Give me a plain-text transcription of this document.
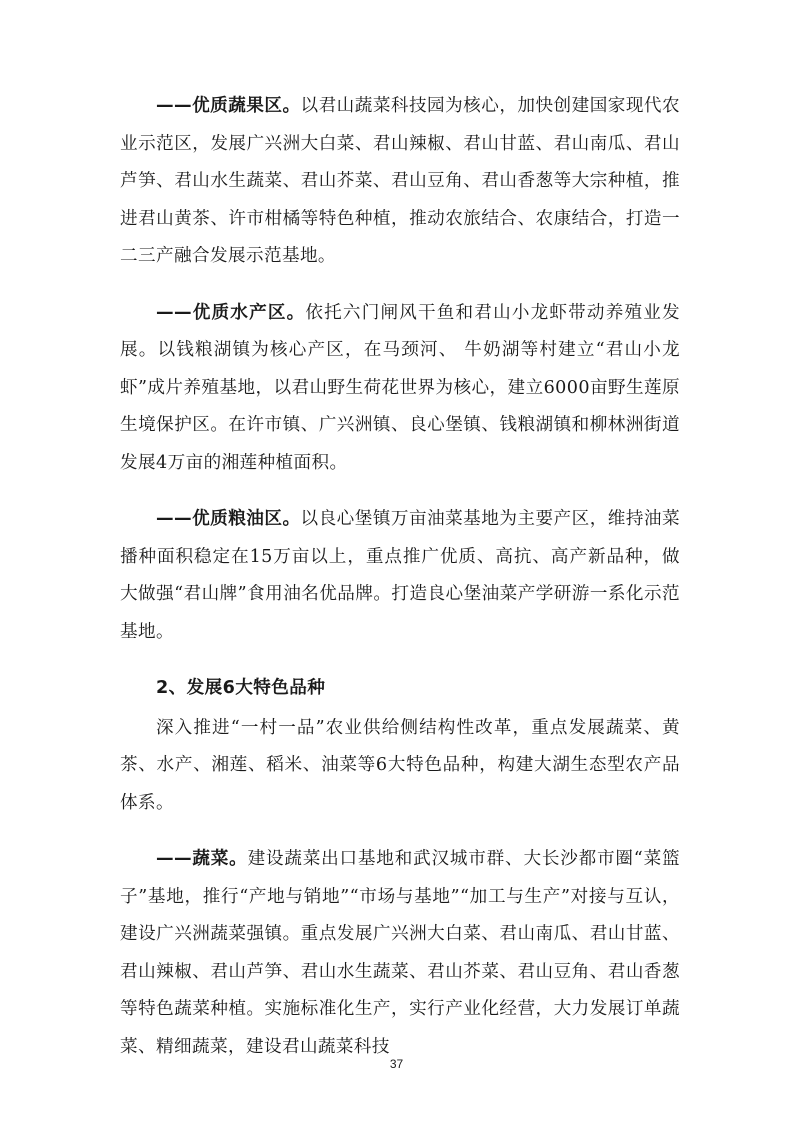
——优质蔬果区。以君山蔬菜科技园为核心，加快创建国家现代农业示范区，发展广兴洲大白菜、君山辣椒、君山甘蓝、君山南瓜、君山芦笋、君山水生蔬菜、君山芥菜、君山豆角、君山香葱等大宗种植，推进君山黄茶、许市柑橘等特色种植，推动农旅结合、农康结合，打造一二三产融合发展示范基地。

——优质水产区。依托六门闸风干鱼和君山小龙虾带动养殖业发展。以钱粮湖镇为核心产区，在马颈河、 牛奶湖等村建立“君山小龙虾”成片养殖基地，以君山野生荷花世界为核心，建立6000亩野生莲原生境保护区。在许市镇、广兴洲镇、良心堡镇、钱粮湖镇和柳林洲街道发展4万亩的湘莲种植面积。

——优质粮油区。以良心堡镇万亩油菜基地为主要产区，维持油菜播种面积稳定在15万亩以上，重点推广优质、高抗、高产新品种，做大做强“君山牌”食用油名优品牌。打造良心堡油菜产学研游一系化示范基地。

2、发展6大特色品种

深入推进“一村一品”农业供给侧结构性改革，重点发展蔬菜、黄茶、水产、湘莲、稻米、油菜等6大特色品种，构建大湖生态型农产品体系。

——蔬菜。建设蔬菜出口基地和武汉城市群、大长沙都市圈“菜篮子”基地，推行“产地与销地”“市场与基地”“加工与生产”对接与互认，建设广兴洲蔬菜强镇。重点发展广兴洲大白菜、君山南瓜、君山甘蓝、君山辣椒、君山芦笋、君山水生蔬菜、君山芥菜、君山豆角、君山香葱等特色蔬菜种植。实施标准化生产，实行产业化经营，大力发展订单蔬菜、精细蔬菜，建设君山蔬菜科技

37
